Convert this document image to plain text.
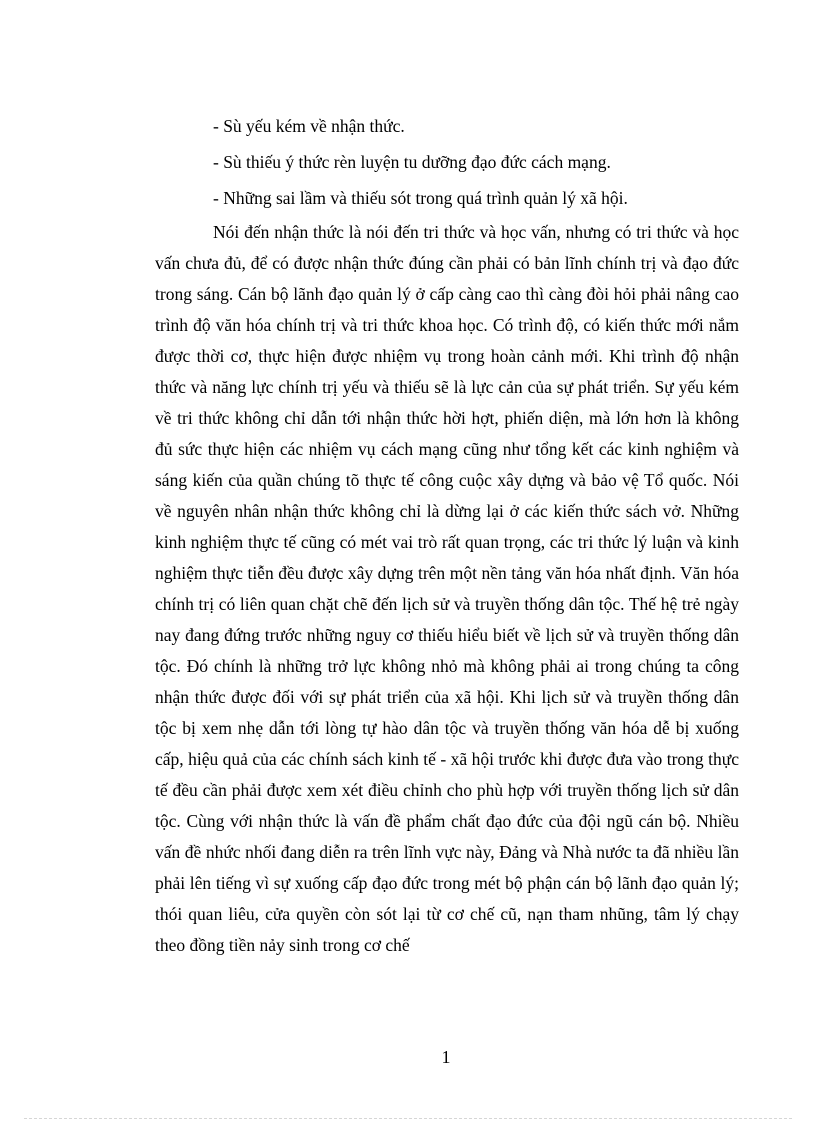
- Sù yếu kém về nhận thức.
- Sù thiếu ý thức rèn luyện tu dưỡng đạo đức cách mạng.
- Những sai lầm và thiếu sót trong quá trình quản lý xã hội.

Nói đến nhận thức là nói đến tri thức và học vấn, nhưng có tri thức và học vấn chưa đủ, để có được nhận thức đúng cần phải có bản lĩnh chính trị và đạo đức trong sáng. Cán bộ lãnh đạo quản lý ở cấp càng cao thì càng đòi hỏi phải nâng cao trình độ văn hóa chính trị và tri thức khoa học. Có trình độ, có kiến thức mới nắm được thời cơ, thực hiện được nhiệm vụ trong hoàn cảnh mới. Khi trình độ nhận thức và năng lực chính trị yếu và thiếu sẽ là lực cản của sự phát triển. Sự yếu kém về tri thức không chỉ dẫn tới nhận thức hời hợt, phiến diện, mà lớn hơn là không đủ sức thực hiện các nhiệm vụ cách mạng cũng như tổng kết các kinh nghiệm và sáng kiến của quần chúng tõ thực tế công cuộc xây dựng và bảo vệ Tổ quốc. Nói về nguyên nhân nhận thức không chỉ là dừng lại ở các kiến thức sách vở. Những kinh nghiệm thực tế cũng có mét vai trò rất quan trọng, các tri thức lý luận và kinh nghiệm thực tiễn đều được xây dựng trên một nền tảng văn hóa nhất định. Văn hóa chính trị có liên quan chặt chẽ đến lịch sử và truyền thống dân tộc. Thế hệ trẻ ngày nay đang đứng trước những nguy cơ thiếu hiểu biết về lịch sử và truyền thống dân tộc. Đó chính là những trở lực không nhỏ mà không phải ai trong chúng ta công nhận thức được đối với sự phát triển của xã hội. Khi lịch sử và truyền thống dân tộc bị xem nhẹ dẫn tới lòng tự hào dân tộc và truyền thống văn hóa dễ bị xuống cấp, hiệu quả của các chính sách kinh tế - xã hội trước khi được đưa vào trong thực tế đều cần phải được xem xét điều chỉnh cho phù hợp với truyền thống lịch sử dân tộc. Cùng với nhận thức là vấn đề phẩm chất đạo đức của đội ngũ cán bộ. Nhiều vấn đề nhức nhối đang diễn ra trên lĩnh vực này, Đảng và Nhà nước ta đã nhiều lần phải lên tiếng vì sự xuống cấp đạo đức trong mét bộ phận cán bộ lãnh đạo quản lý; thói quan liêu, cửa quyền còn sót lại từ cơ chế cũ, nạn tham nhũng, tâm lý chạy theo đồng tiền nảy sinh trong cơ chế

1
